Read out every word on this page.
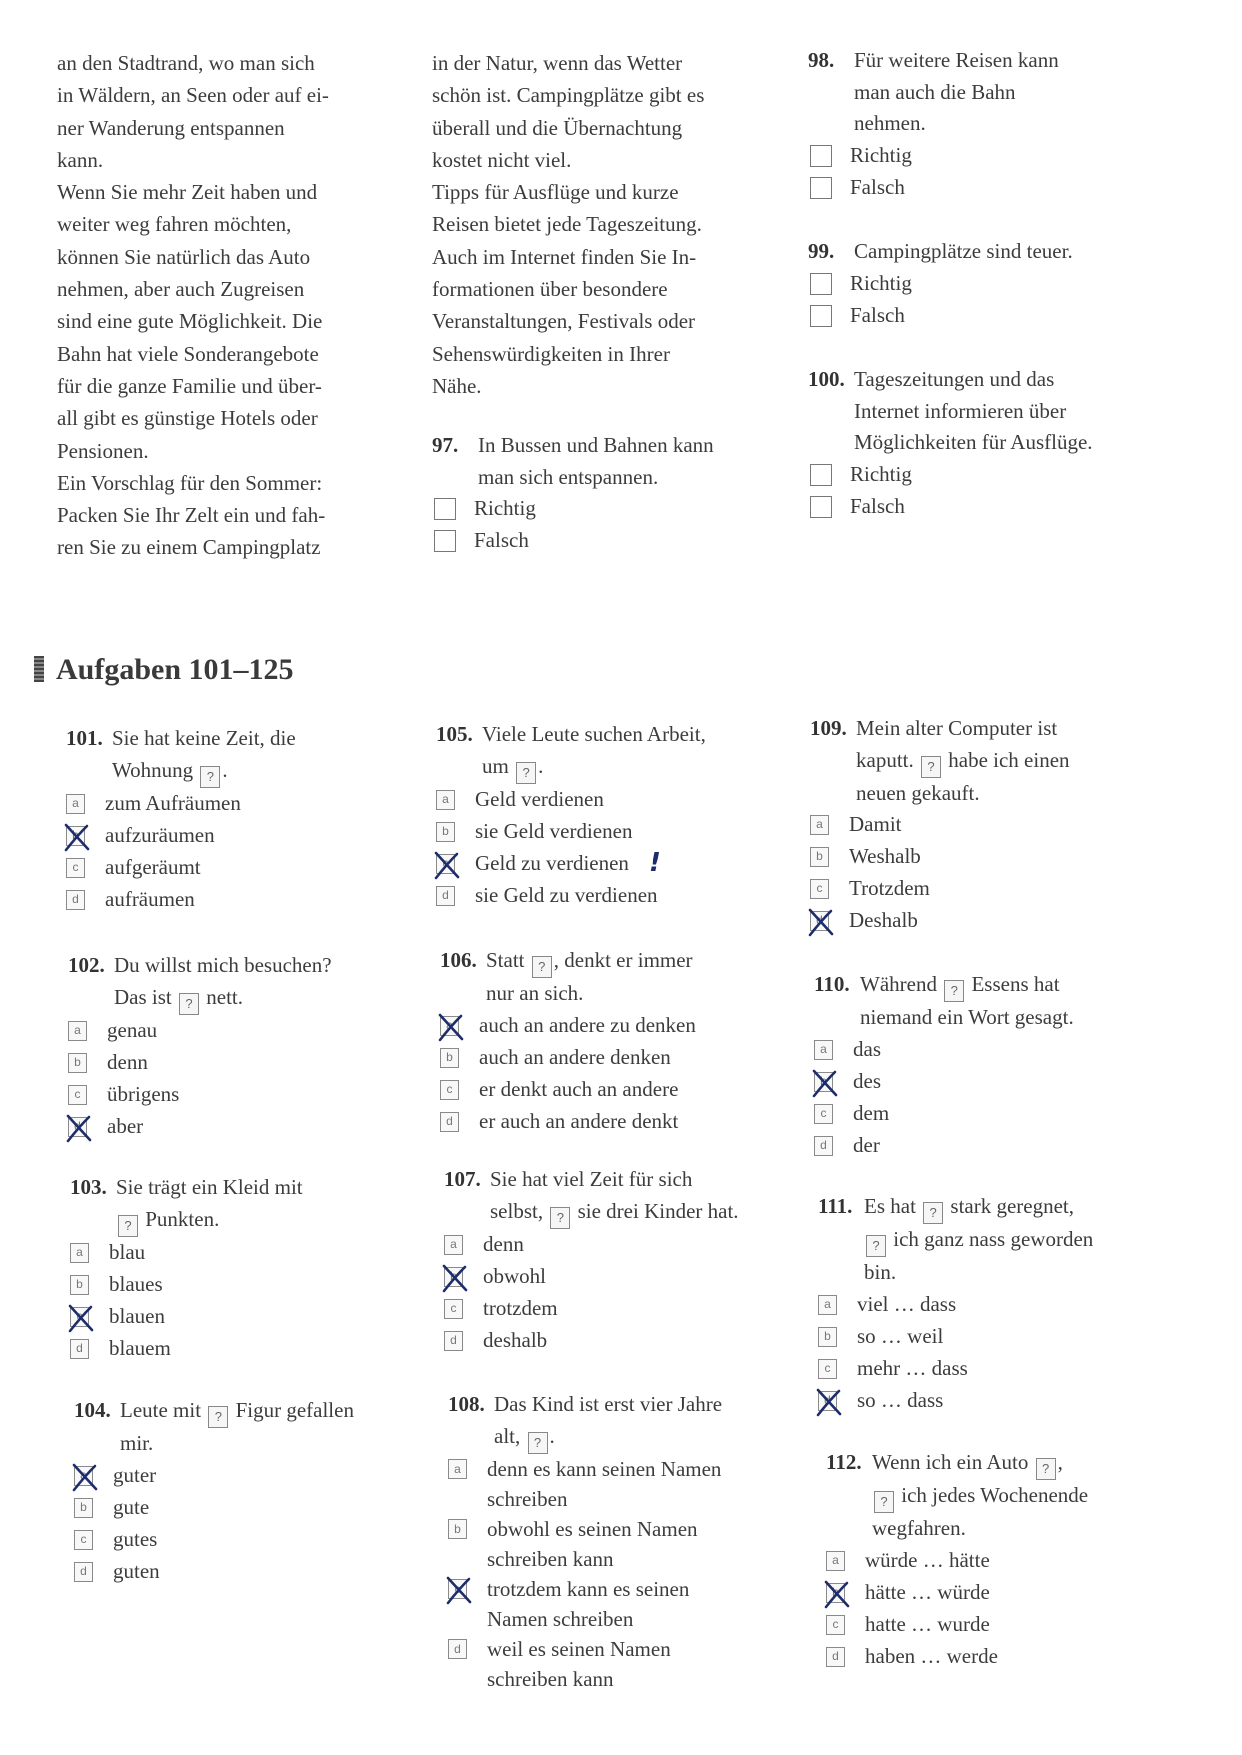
an den Stadtrand, wo man sich
in Wäldern, an Seen oder auf ei-
ner Wanderung entspannen
kann.
Wenn Sie mehr Zeit haben und
weiter weg fahren möchten,
können Sie natürlich das Auto
nehmen, aber auch Zugreisen
sind eine gute Möglichkeit. Die
Bahn hat viele Sonderangebote
für die ganze Familie und über-
all gibt es günstige Hotels oder
Pensionen.
Ein Vorschlag für den Sommer:
Packen Sie Ihr Zelt ein und fah-
ren Sie zu einem Campingplatz
in der Natur, wenn das Wetter
schön ist. Campingplätze gibt es
überall und die Übernachtung
kostet nicht viel.
Tipps für Ausflüge und kurze
Reisen bietet jede Tageszeitung.
Auch im Internet finden Sie In-
formationen über besondere
Veranstaltungen, Festivals oder
Sehenswürdigkeiten in Ihrer
Nähe.
97. In Bussen und Bahnen kann
man sich entspannen.
Richtig
Falsch
98. Für weitere Reisen kann
man auch die Bahn
nehmen.
Richtig
Falsch
99. Campingplätze sind teuer.
Richtig
Falsch
100. Tageszeitungen und das
Internet informieren über
Möglichkeiten für Ausflüge.
Richtig
Falsch
Aufgaben 101–125
101. Sie hat keine Zeit, die
Wohnung ? .
a zum Aufräumen
b aufzuräumen
c aufgeräumt
d aufräumen
102. Du willst mich besuchen?
Das ist ? nett.
a genau
b denn
c übrigens
d aber
103. Sie trägt ein Kleid mit
? Punkten.
a blau
b blaues
c blauen
d blauem
104. Leute mit ? Figur gefallen
mir.
a guter
b gute
c gutes
d guten
105. Viele Leute suchen Arbeit,
um ? .
a Geld verdienen
b sie Geld verdienen
c Geld zu verdienen !
d sie Geld zu verdienen
106. Statt ? , denkt er immer
nur an sich.
a auch an andere zu denken
b auch an andere denken
c er denkt auch an andere
d er auch an andere denkt
107. Sie hat viel Zeit für sich
selbst, ? sie drei Kinder hat.
a denn
b obwohl
c trotzdem
d deshalb
108. Das Kind ist erst vier Jahre
alt, ? .
a denn es kann seinen Namen schreiben
b obwohl es seinen Namen schreiben kann
c trotzdem kann es seinen Namen schreiben
d weil es seinen Namen schreiben kann
109. Mein alter Computer ist
kaputt. ? habe ich einen
neuen gekauft.
a Damit
b Weshalb
c Trotzdem
d Deshalb
110. Während ? Essens hat
niemand ein Wort gesagt.
a das
b des
c dem
d der
111. Es hat ? stark geregnet,
? ich ganz nass geworden
bin.
a viel … dass
b so … weil
c mehr … dass
d so … dass
112. Wenn ich ein Auto ? ,
? ich jedes Wochenende
wegfahren.
a würde … hätte
b hätte … würde
c hatte … wurde
d haben … werde
